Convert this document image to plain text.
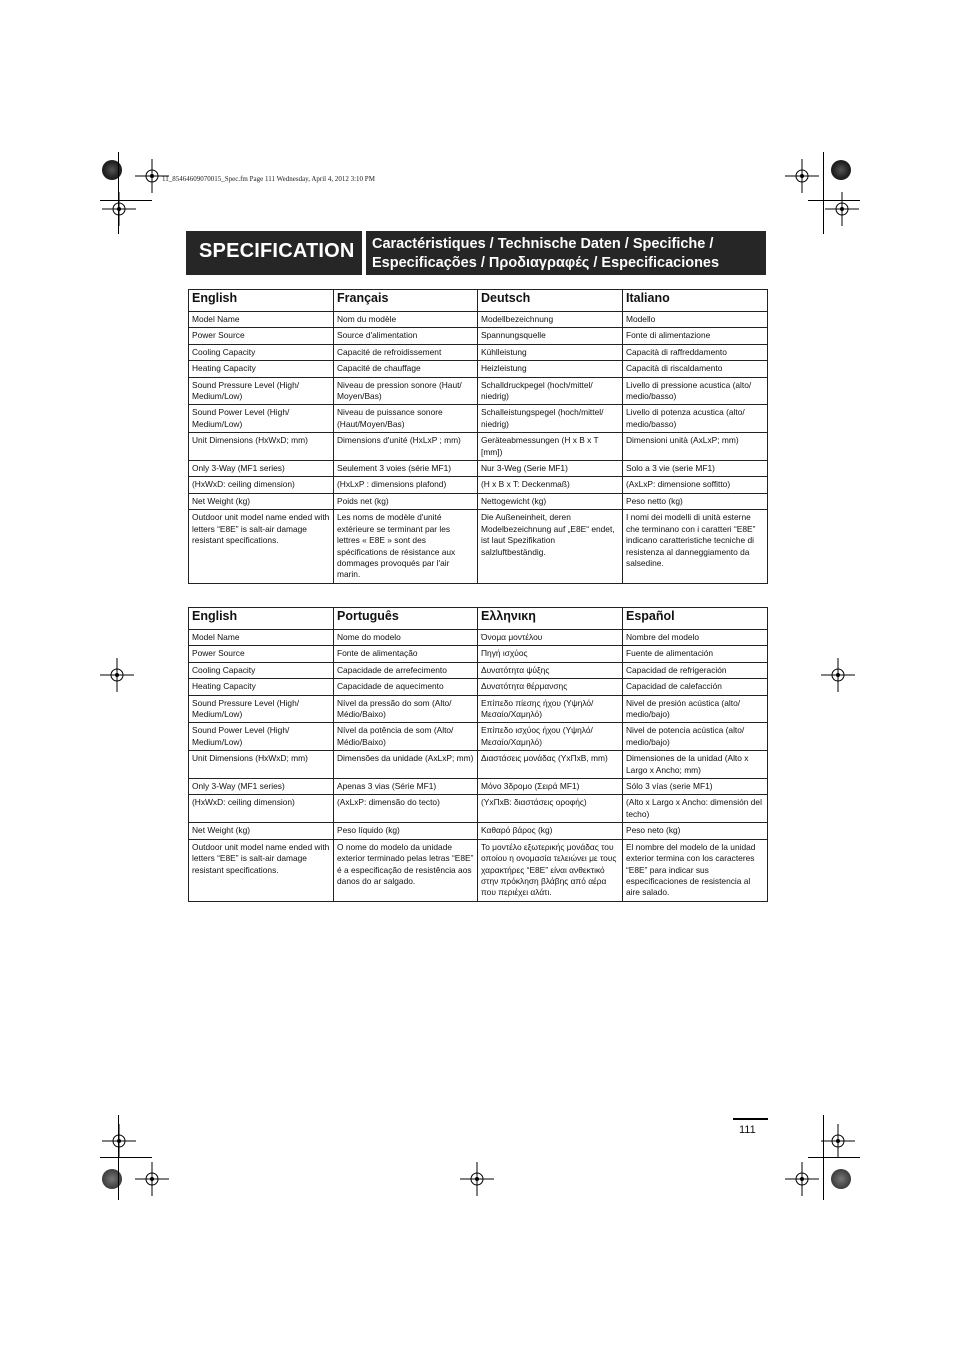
11_85464609070015_Spec.fm Page 111 Wednesday, April 4, 2012 3:10 PM
SPECIFICATION Caractéristiques / Technische Daten / Specifiche /
Especificações / Προδιαγραφές / Especificaciones
English	Français	Deutsch	Italiano
Model Name	Nom du modèle	Modellbezeichnung	Modello
Power Source	Source d'alimentation	Spannungsquelle	Fonte di alimentazione
Cooling Capacity	Capacité de refroidissement	Kühlleistung	Capacità di raffreddamento
Heating Capacity	Capacité de chauffage	Heizleistung	Capacità di riscaldamento
Sound Pressure Level (High/ Medium/Low)	Niveau de pression sonore (Haut/ Moyen/Bas)	Schalldruckpegel (hoch/mittel/ niedrig)	Livello di pressione acustica (alto/ medio/basso)
Sound Power Level (High/ Medium/Low)	Niveau de puissance sonore (Haut/Moyen/Bas)	Schalleistungspegel (hoch/mittel/ niedrig)	Livello di potenza acustica (alto/ medio/basso)
Unit Dimensions (HxWxD; mm)	Dimensions d'unité (HxLxP ; mm)	Geräteabmessungen (H x B x T [mm])	Dimensioni unità (AxLxP; mm)
Only 3-Way (MF1 series)	Seulement 3 voies (série MF1)	Nur 3-Weg (Serie MF1)	Solo a 3 vie (serie MF1)
(HxWxD: ceiling dimension)	(HxLxP : dimensions plafond)	(H x B x T: Deckenmaß)	(AxLxP: dimensione soffitto)
Net Weight (kg)	Poids net (kg)	Nettogewicht (kg)	Peso netto (kg)
Outdoor unit model name ended with letters “E8E” is salt-air damage resistant specifications.	Les noms de modèle d'unité extérieure se terminant par les lettres « E8E » sont des spécifications de résistance aux dommages provoqués par l'air marin.	Die Außeneinheit, deren Modelbezeichnung auf „E8E“ endet, ist laut Spezifikation salzluftbeständig.	I nomi dei modelli di unità esterne che terminano con i caratteri “E8E” indicano caratteristiche tecniche di resistenza al danneggiamento da salsedine.
English	Português	Ελληνικη	Español
Model Name	Nome do modelo	Όνομα μοντέλου	Nombre del modelo
Power Source	Fonte de alimentação	Πηγή ισχύος	Fuente de alimentación
Cooling Capacity	Capacidade de arrefecimento	Δυνατότητα ψύξης	Capacidad de refrigeración
Heating Capacity	Capacidade de aquecimento	Δυνατότητα θέρμανσης	Capacidad de calefacción
Sound Pressure Level (High/ Medium/Low)	Nível da pressão do som (Alto/ Médio/Baixo)	Επίπεδο πίεσης ήχου (Υψηλό/ Μεσαίο/Χαμηλό)	Nivel de presión acústica (alto/ medio/bajo)
Sound Power Level (High/ Medium/Low)	Nível da potência de som (Alto/ Médio/Baixo)	Επίπεδο ισχύος ήχου (Υψηλό/ Μεσαίο/Χαμηλό)	Nivel de potencia acústica (alto/ medio/bajo)
Unit Dimensions (HxWxD; mm)	Dimensões da unidade (AxLxP; mm)	Διαστάσεις μονάδας (ΥxΠxΒ, mm)	Dimensiones de la unidad (Alto x Largo x Ancho; mm)
Only 3-Way (MF1 series)	Apenas 3 vias (Série MF1)	Μόνο 3δρομο (Σειρά MF1)	Sólo 3 vías (serie MF1)
(HxWxD: ceiling dimension)	(AxLxP: dimensão do tecto)	(ΥxΠxΒ: διαστάσεις οροφής)	(Alto x Largo x Ancho: dimensión del techo)
Net Weight (kg)	Peso líquido (kg)	Καθαρό βάρος (kg)	Peso neto (kg)
Outdoor unit model name ended with letters “E8E” is salt-air damage resistant specifications.	O nome do modelo da unidade exterior terminado pelas letras “E8E” é a especificação de resistência aos danos do ar salgado.	Το μοντέλο εξωτερικής μονάδας του οποίου η ονομασία τελειώνει με τους χαρακτήρες “E8E” είναι ανθεκτικό στην πρόκληση βλάβης από αέρα που περιέχει αλάτι.	El nombre del modelo de la unidad exterior termina con los caracteres “E8E” para indicar sus especificaciones de resistencia al aire salado.
111
